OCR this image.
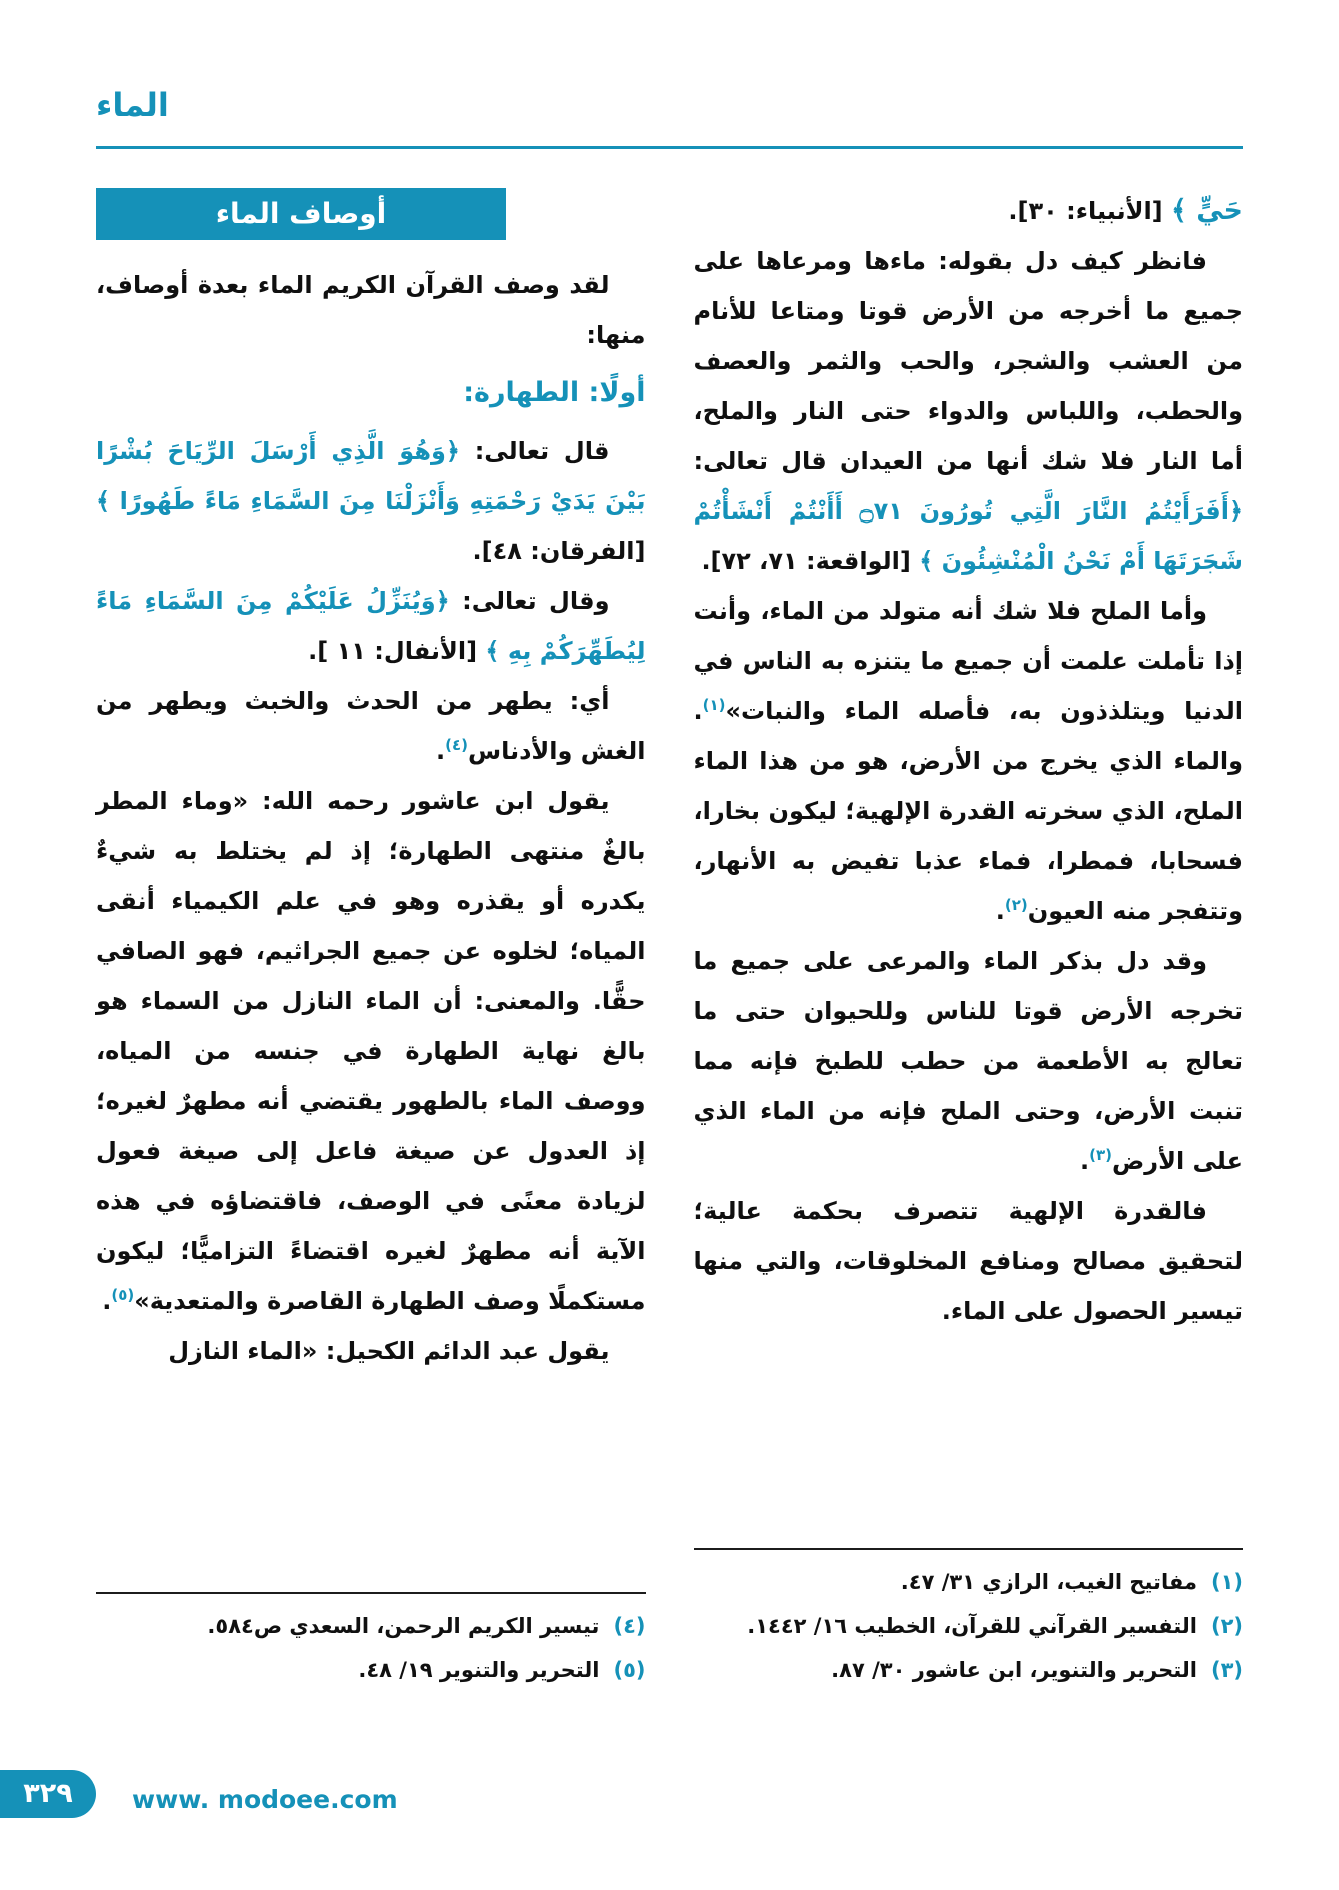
الماء

حَيٍّ ﴾ [الأنبياء: ٣٠].

فانظر كيف دل بقوله: ماءها ومرعاها على جميع ما أخرجه من الأرض قوتا ومتاعا للأنام من العشب والشجر، والحب والثمر والعصف والحطب، واللباس والدواء حتى النار والملح، أما النار فلا شك أنها من العيدان قال تعالى: ﴿أَفَرَأَيْتُمُ النَّارَ الَّتِي تُورُونَ ۝٧١ أَأَنْتُمْ أَنْشَأْتُمْ شَجَرَتَهَا أَمْ نَحْنُ الْمُنْشِئُونَ ﴾ [الواقعة: ٧١، ٧٢].

وأما الملح فلا شك أنه متولد من الماء، وأنت إذا تأملت علمت أن جميع ما يتنزه به الناس في الدنيا ويتلذذون به، فأصله الماء والنبات»$^{(١)}$. والماء الذي يخرج من الأرض، هو من هذا الماء الملح، الذي سخرته القدرة الإلهية؛ ليكون بخارا، فسحابا، فمطرا، فماء عذبا تفيض به الأنهار، وتتفجر منه العيون$^{(٢)}$.

وقد دل بذكر الماء والمرعى على جميع ما تخرجه الأرض قوتا للناس وللحيوان حتى ما تعالج به الأطعمة من حطب للطبخ فإنه مما تنبت الأرض، وحتى الملح فإنه من الماء الذي على الأرض$^{(٣)}$.

فالقدرة الإلهية تتصرف بحكمة عالية؛ لتحقيق مصالح ومنافع المخلوقات، والتي منها تيسير الحصول على الماء.

(١)مفاتيح الغيب، الرازي ٣١/ ٤٧.

(٢)التفسير القرآني للقرآن، الخطيب ١٦/ ١٤٤٢.

(٣)التحرير والتنوير، ابن عاشور ٣٠/ ٨٧.

أوصاف الماء

لقد وصف القرآن الكريم الماء بعدة أوصاف، منها:

أولًا: الطهارة:

قال تعالى: ﴿وَهُوَ الَّذِي أَرْسَلَ الرِّيَاحَ بُشْرًا بَيْنَ يَدَيْ رَحْمَتِهِ وَأَنْزَلْنَا مِنَ السَّمَاءِ مَاءً طَهُورًا ﴾ [الفرقان: ٤٨].

وقال تعالى: ﴿وَيُنَزِّلُ عَلَيْكُمْ مِنَ السَّمَاءِ مَاءً لِيُطَهِّرَكُمْ بِهِ ﴾ [الأنفال: ١١ ].

أي: يطهر من الحدث والخبث ويطهر من الغش والأدناس$^{(٤)}$.

يقول ابن عاشور رحمه الله: «وماء المطر بالغٌ منتهى الطهارة؛ إذ لم يختلط به شيءٌ يكدره أو يقذره وهو في علم الكيمياء أنقى المياه؛ لخلوه عن جميع الجراثيم، فهو الصافي حقًّا. والمعنى: أن الماء النازل من السماء هو بالغ نهاية الطهارة في جنسه من المياه، ووصف الماء بالطهور يقتضي أنه مطهرٌ لغيره؛ إذ العدول عن صيغة فاعل إلى صيغة فعول لزيادة معنًى في الوصف، فاقتضاؤه في هذه الآية أنه مطهرٌ لغيره اقتضاءً التزاميًّا؛ ليكون مستكملًا وصف الطهارة القاصرة والمتعدية»$^{(٥)}$.

يقول عبد الدائم الكحيل: «الماء النازل

(٤)تيسير الكريم الرحمن، السعدي ص٥٨٤.

(٥)التحرير والتنوير ١٩/ ٤٨.

٣٢٩	www. modoee.com
